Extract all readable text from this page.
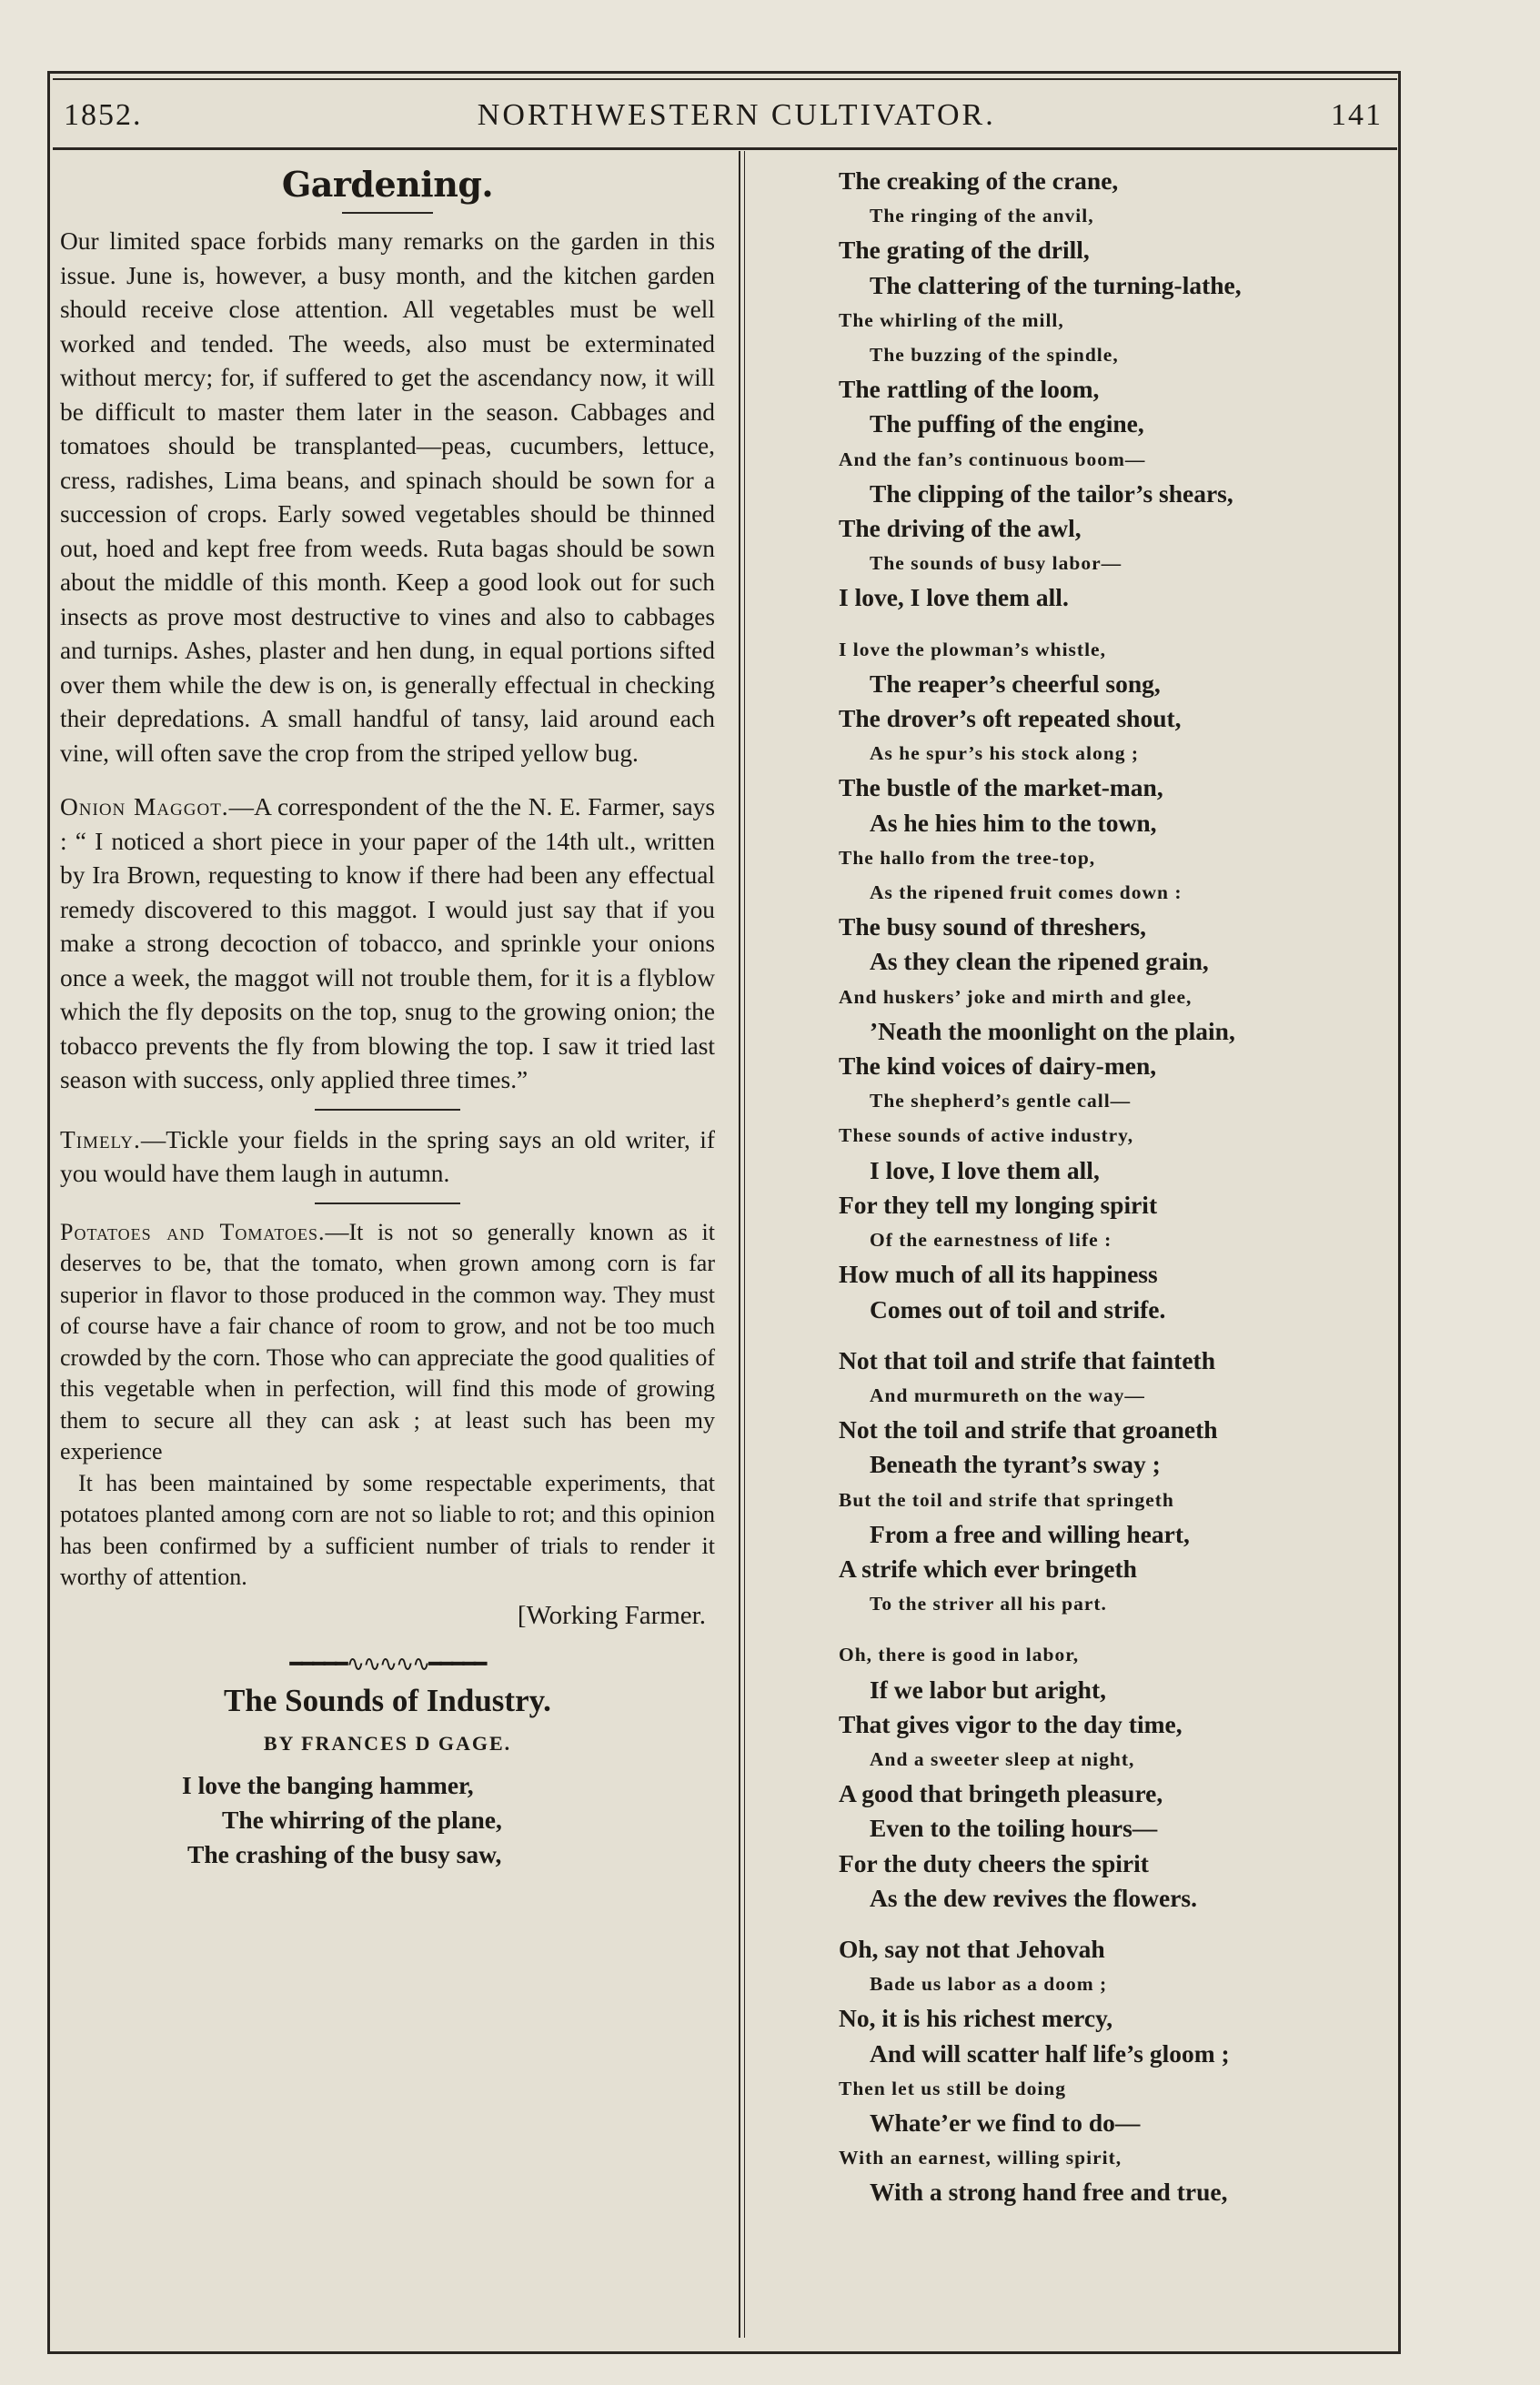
1852.	NORTHWESTERN CULTIVATOR.	141
Gardening.

Our limited space forbids many remarks on the garden in this issue. June is, however, a busy month, and the kitchen garden should receive close attention. All vegetables must be well worked and tended. The weeds, also must be exterminated without mercy; for, if suffered to get the ascendancy now, it will be difficult to master them later in the season. Cabbages and tomatoes should be transplanted—peas, cucumbers, lettuce, cress, radishes, Lima beans, and spinach should be sown for a succession of crops. Early sowed vegetables should be thinned out, hoed and kept free from weeds. Ruta bagas should be sown about the middle of this month. Keep a good look out for such insects as prove most destructive to vines and also to cabbages and turnips. Ashes, plaster and hen dung, in equal portions sifted over them while the dew is on, is generally effectual in checking their depredations. A small handful of tansy, laid around each vine, will often save the crop from the striped yellow bug.

Onion Maggot.—A correspondent of the the N. E. Farmer, says : “ I noticed a short piece in your paper of the 14th ult., written by Ira Brown, requesting to know if there had been any effectual remedy discovered to this maggot. I would just say that if you make a strong decoction of tobacco, and sprinkle your onions once a week, the maggot will not trouble them, for it is a flyblow which the fly deposits on the top, snug to the growing onion; the tobacco prevents the fly from blowing the top. I saw it tried last season with success, only applied three times.”

Timely.—Tickle your fields in the spring says an old writer, if you would have them laugh in autumn.

Potatoes and Tomatoes.—It is not so generally known as it deserves to be, that the tomato, when grown among corn is far superior in flavor to those produced in the common way. They must of course have a fair chance of room to grow, and not be too much crowded by the corn. Those who can appreciate the good qualities of this vegetable when in perfection, will find this mode of growing them to secure all they can ask ; at least such has been my experience

It has been maintained by some respectable experiments, that potatoes planted among corn are not so liable to rot; and this opinion has been confirmed by a sufficient number of trials to render it worthy of attention.

[Working Farmer.
━━━━━∿∿∿∿∿━━━━━
The Sounds of Industry.
BY FRANCES D GAGE.
I love the banging hammer,
The whirring of the plane,
The crashing of the busy saw,
The creaking of the crane,
The ringing of the anvil,
The grating of the drill,
The clattering of the turning-lathe,
The whirling of the mill,
The buzzing of the spindle,
The rattling of the loom,
The puffing of the engine,
And the fan’s continuous boom—
The clipping of the tailor’s shears,
The driving of the awl,
The sounds of busy labor—
I love, I love them all.
I love the plowman’s whistle,
The reaper’s cheerful song,
The drover’s oft repeated shout,
As he spur’s his stock along ;
The bustle of the market-man,
As he hies him to the town,
The hallo from the tree-top,
As the ripened fruit comes down :
The busy sound of threshers,
As they clean the ripened grain,
And huskers’ joke and mirth and glee,
’Neath the moonlight on the plain,
The kind voices of dairy-men,
The shepherd’s gentle call—
These sounds of active industry,
I love, I love them all,
For they tell my longing spirit
Of the earnestness of life :
How much of all its happiness
Comes out of toil and strife.
Not that toil and strife that fainteth
And murmureth on the way—
Not the toil and strife that groaneth
Beneath the tyrant’s sway ;
But the toil and strife that springeth
From a free and willing heart,
A strife which ever bringeth
To the striver all his part.
Oh, there is good in labor,
If we labor but aright,
That gives vigor to the day time,
And a sweeter sleep at night,
A good that bringeth pleasure,
Even to the toiling hours—
For the duty cheers the spirit
As the dew revives the flowers.
Oh, say not that Jehovah
Bade us labor as a doom ;
No, it is his richest mercy,
And will scatter half life’s gloom ;
Then let us still be doing
Whate’er we find to do—
With an earnest, willing spirit,
With a strong hand free and true,
